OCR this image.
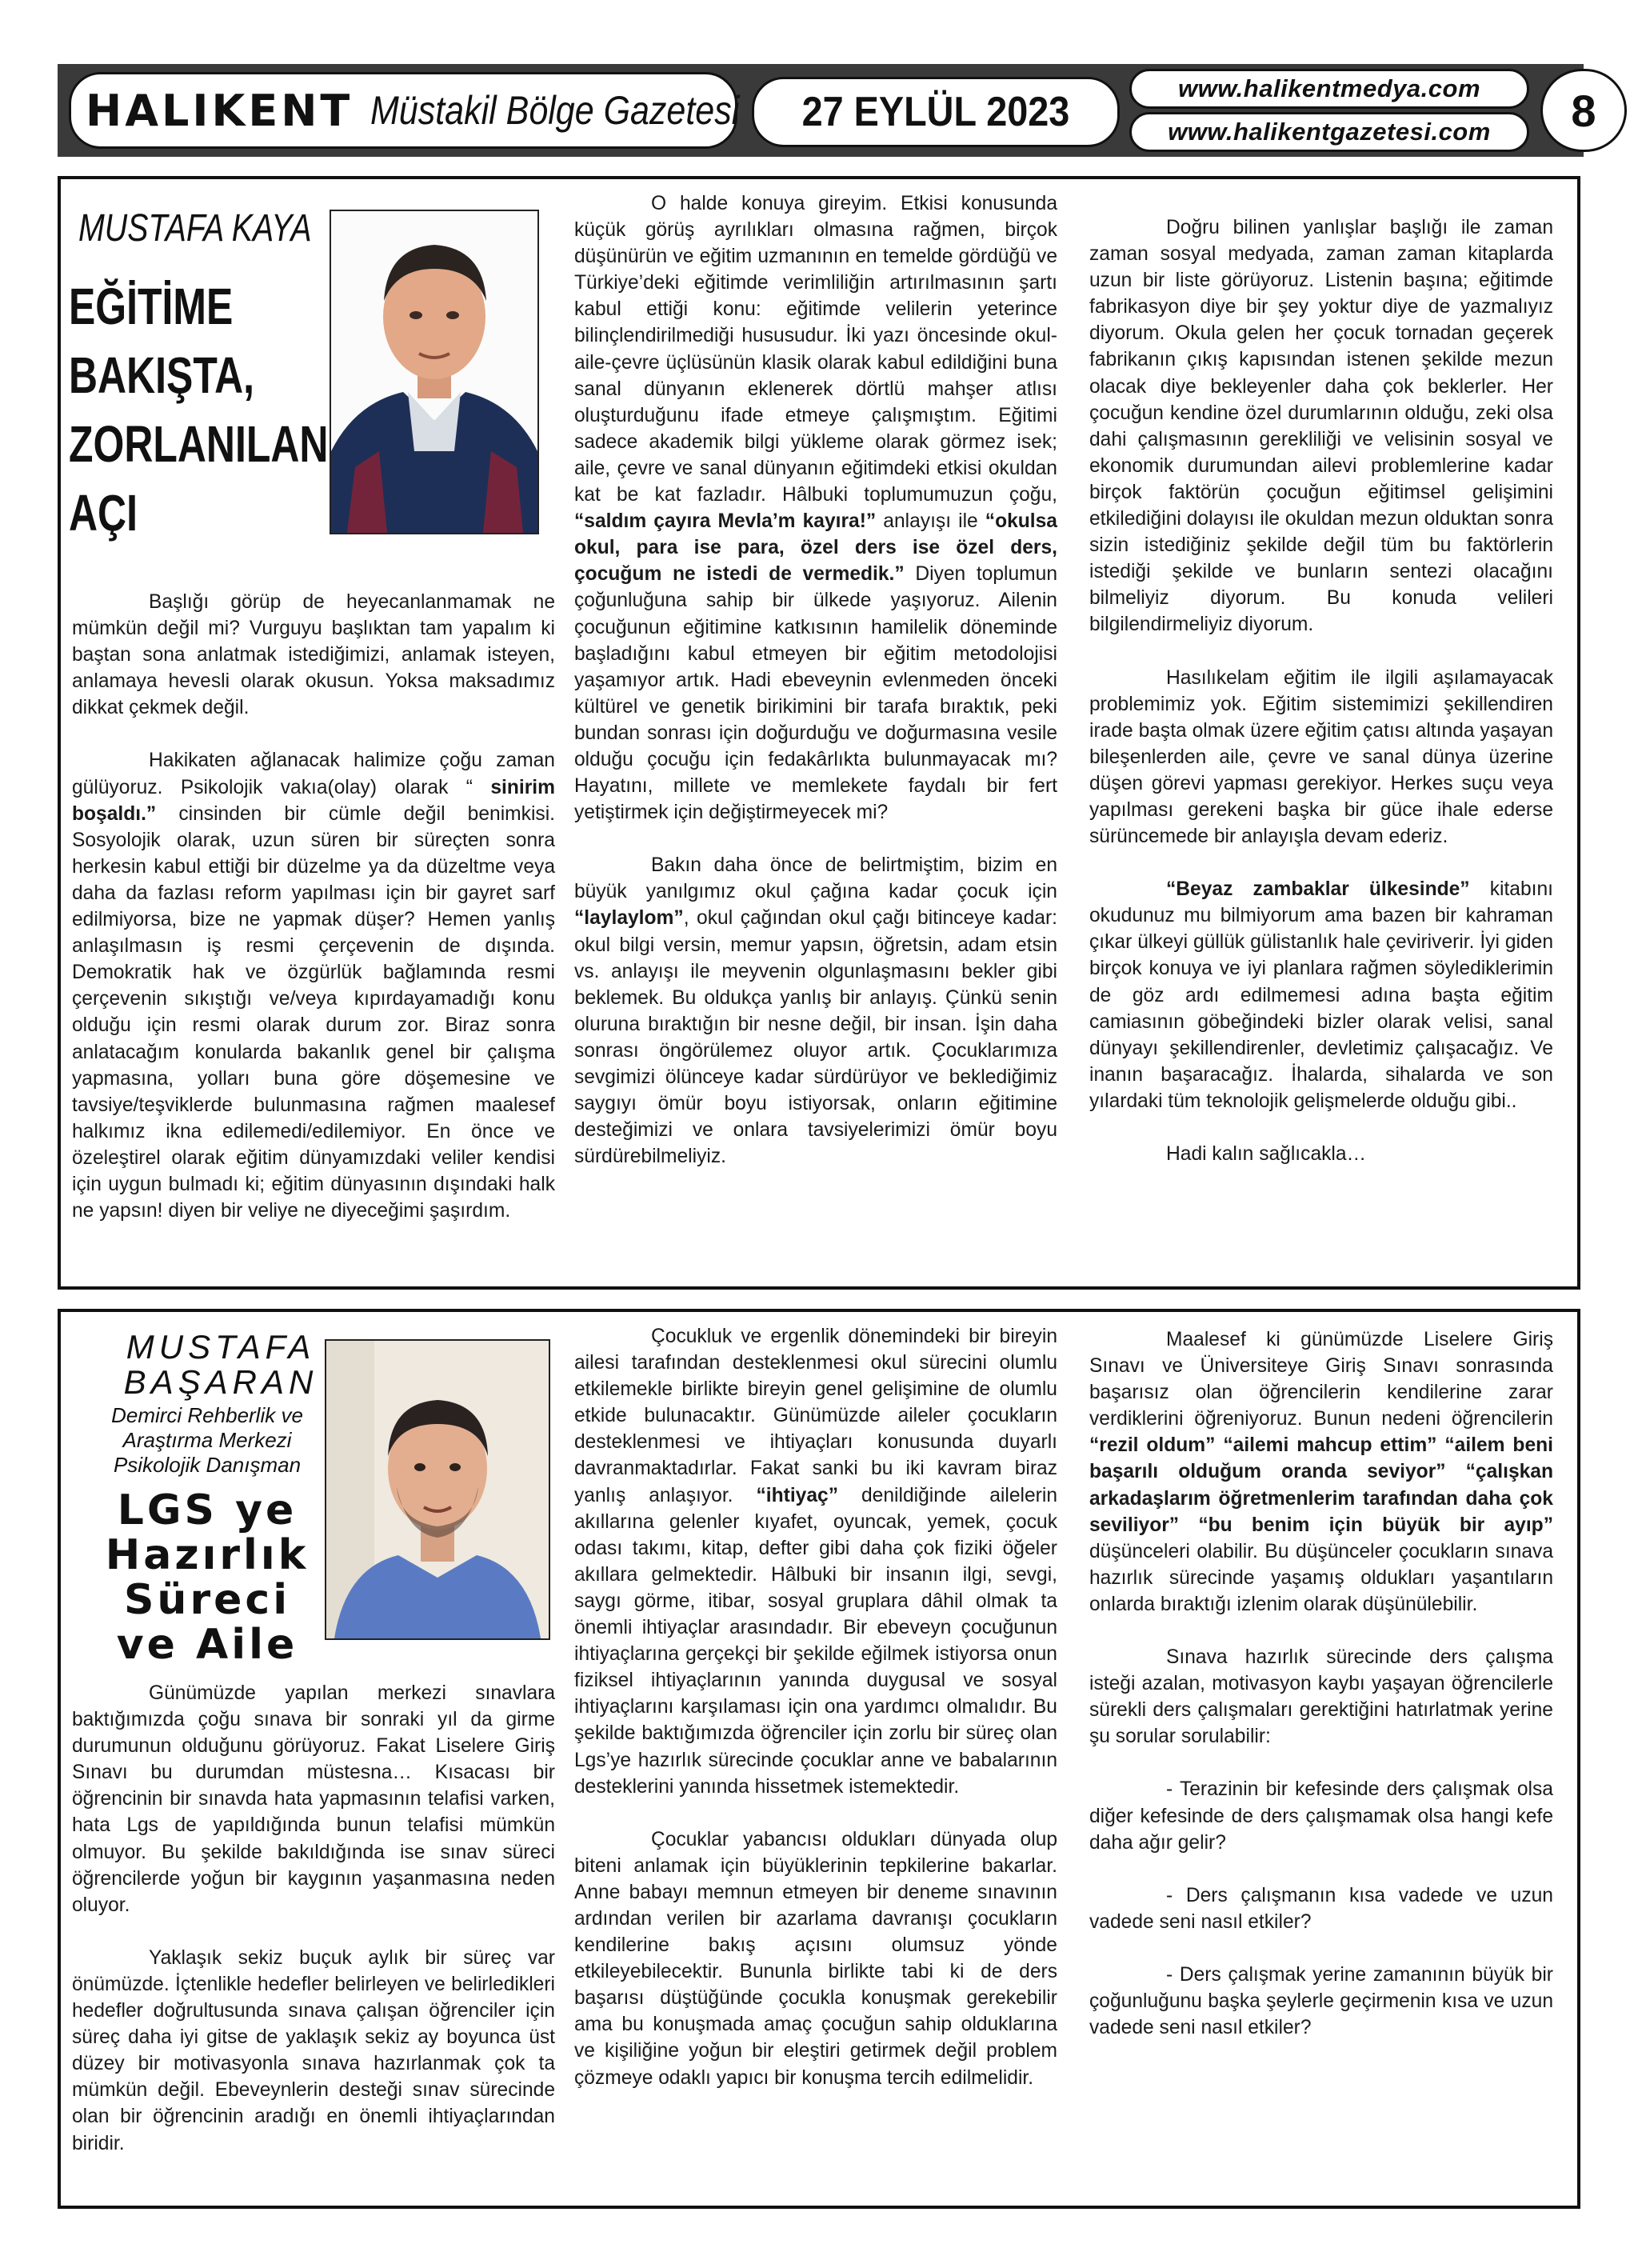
HALIKENT Müstakil Bölge Gazetesi 27 EYLÜL 2023
www.halikentmedya.com
www.halikentgazetesi.com 8
MUSTAFA KAYA
EĞİTİME
BAKIŞTA,
ZORLANILAN
AÇI

Başlığı görüp de heyecanlanmamak ne mümkün değil mi? Vurguyu başlıktan tam yapalım ki baştan sona anlatmak istediğimizi, anlamak isteyen, anlamaya hevesli olarak okusun. Yoksa maksadımız dikkat çekmek değil.

Hakikaten ağlanacak halimize çoğu zaman gülüyoruz. Psikolojik vakıa(olay) olarak “ sinirim boşaldı.” cinsinden bir cümle değil benimkisi. Sosyolojik olarak, uzun süren bir süreçten sonra herkesin kabul ettiği bir düzelme ya da düzeltme veya daha da fazlası reform yapılması için bir gayret sarf edilmiyorsa, bize ne yapmak düşer? Hemen yanlış anlaşılmasın iş resmi çerçevenin de dışında. Demokratik hak ve özgürlük bağlamında resmi çerçevenin sıkıştığı ve/veya kıpırdayamadığı konu olduğu için resmi olarak durum zor. Biraz sonra anlatacağım konularda bakanlık genel bir çalışma yapmasına, yolları buna göre döşemesine ve tavsiye/teşviklerde bulunmasına rağmen maalesef halkımız ikna edilemedi/edilemiyor. En önce ve özeleştirel olarak eğitim dünyamızdaki veliler kendisi için uygun bulmadı ki; eğitim dünyasının dışındaki halk ne yapsın! diyen bir veliye ne diyeceğimi şaşırdım.

O halde konuya gireyim. Etkisi konusunda küçük görüş ayrılıkları olmasına rağmen, birçok düşünürün ve eğitim uzmanının en temelde gördüğü ve Türkiye’deki eğitimde verimliliğin artırılmasının şartı kabul ettiği konu: eğitimde velilerin yeterince bilinçlendirilmediği hususudur. İki yazı öncesinde okul-aile-çevre üçlüsünün klasik olarak kabul edildiğini buna sanal dünyanın eklenerek dörtlü mahşer atlısı oluşturduğunu ifade etmeye çalışmıştım. Eğitimi sadece akademik bilgi yükleme olarak görmez isek; aile, çevre ve sanal dünyanın eğitimdeki etkisi okuldan kat be kat fazladır. Hâlbuki toplumumuzun çoğu, “saldım çayıra Mevla’m kayıra!” anlayışı ile “okulsa okul, para ise para, özel ders ise özel ders, çocuğum ne istedi de vermedik.” Diyen toplumun çoğunluğuna sahip bir ülkede yaşıyoruz. Ailenin çocuğunun eğitimine katkısının hamilelik döneminde başladığını kabul etmeyen bir eğitim metodolojisi yaşamıyor artık. Hadi ebeveynin evlenmeden önceki kültürel ve genetik birikimini bir tarafa bıraktık, peki bundan sonrası için doğurduğu ve doğurmasına vesile olduğu çocuğu için fedakârlıkta bulunmayacak mı? Hayatını, millete ve memlekete faydalı bir fert yetiştirmek için değiştirmeyecek mi?

Bakın daha önce de belirtmiştim, bizim en büyük yanılgımız okul çağına kadar çocuk için “laylaylom”, okul çağından okul çağı bitinceye kadar: okul bilgi versin, memur yapsın, öğretsin, adam etsin vs. anlayışı ile meyvenin olgunlaşmasını bekler gibi beklemek. Bu oldukça yanlış bir anlayış. Çünkü senin oluruna bıraktığın bir nesne değil, bir insan. İşin daha sonrası öngörülemez oluyor artık. Çocuklarımıza sevgimizi ölünceye kadar sürdürüyor ve beklediğimiz saygıyı ömür boyu istiyorsak, onların eğitimine desteğimizi ve onlara tavsiyelerimizi ömür boyu sürdürebilmeliyiz.

Doğru bilinen yanlışlar başlığı ile zaman zaman sosyal medyada, zaman zaman kitaplarda uzun bir liste görüyoruz. Listenin başına; eğitimde fabrikasyon diye bir şey yoktur diye de yazmalıyız diyorum. Okula gelen her çocuk tornadan geçerek fabrikanın çıkış kapısından istenen şekilde mezun olacak diye bekleyenler daha çok beklerler. Her çocuğun kendine özel durumlarının olduğu, zeki olsa dahi çalışmasının gerekliliği ve velisinin sosyal ve ekonomik durumundan ailevi problemlerine kadar birçok faktörün çocuğun eğitimsel gelişimini etkilediğini dolayısı ile okuldan mezun olduktan sonra sizin istediğiniz şekilde değil tüm bu faktörlerin istediği şekilde ve bunların sentezi olacağını bilmeliyiz diyorum. Bu konuda velileri bilgilendirmeliyiz diyorum.

Hasılıkelam eğitim ile ilgili aşılamayacak problemimiz yok. Eğitim sistemimizi şekillendiren irade başta olmak üzere eğitim çatısı altında yaşayan bileşenlerden aile, çevre ve sanal dünya üzerine düşen görevi yapması gerekiyor. Herkes suçu veya yapılması gerekeni başka bir güce ihale ederse sürüncemede bir anlayışla devam ederiz.

“Beyaz zambaklar ülkesinde” kitabını okudunuz mu bilmiyorum ama bazen bir kahraman çıkar ülkeyi güllük gülistanlık hale çeviriverir. İyi giden birçok konuya ve iyi planlara rağmen söylediklerimin de göz ardı edilmemesi adına başta eğitim camiasının göbeğindeki bizler olarak velisi, sanal dünyayı şekillendirenler, devletimiz çalışacağız. Ve inanın başaracağız. İhalarda, sihalarda ve son yılardaki tüm teknolojik gelişmelerde olduğu gibi..

Hadi kalın sağlıcakla…

MUSTAFA
BAŞARAN
Demirci Rehberlik ve
Araştırma Merkezi
Psikolojik Danışman
LGS ye
Hazırlık
Süreci
ve Aile

Günümüzde yapılan merkezi sınavlara baktığımızda çoğu sınava bir sonraki yıl da girme durumunun olduğunu görüyoruz. Fakat Liselere Giriş Sınavı bu durumdan müstesna… Kısacası bir öğrencinin bir sınavda hata yapmasının telafisi varken, hata Lgs de yapıldığında bunun telafisi mümkün olmuyor. Bu şekilde bakıldığında ise sınav süreci öğrencilerde yoğun bir kaygının yaşanmasına neden oluyor.

Yaklaşık sekiz buçuk aylık bir süreç var önümüzde. İçtenlikle hedefler belirleyen ve belirledikleri hedefler doğrultusunda sınava çalışan öğrenciler için süreç daha iyi gitse de yaklaşık sekiz ay boyunca üst düzey bir motivasyonla sınava hazırlanmak çok ta mümkün değil. Ebeveynlerin desteği sınav sürecinde olan bir öğrencinin aradığı en önemli ihtiyaçlarından biridir.

Çocukluk ve ergenlik dönemindeki bir bireyin ailesi tarafından desteklenmesi okul sürecini olumlu etkilemekle birlikte bireyin genel gelişimine de olumlu etkide bulunacaktır. Günümüzde aileler çocukların desteklenmesi ve ihtiyaçları konusunda duyarlı davranmaktadırlar. Fakat sanki bu iki kavram biraz yanlış anlaşıyor. “ihtiyaç” denildiğinde ailelerin akıllarına gelenler kıyafet, oyuncak, yemek, çocuk odası takımı, kitap, defter gibi daha çok fiziki öğeler akıllara gelmektedir. Hâlbuki bir insanın ilgi, sevgi, saygı görme, itibar, sosyal gruplara dâhil olmak ta önemli ihtiyaçlar arasındadır. Bir ebeveyn çocuğunun ihtiyaçlarına gerçekçi bir şekilde eğilmek istiyorsa onun fiziksel ihtiyaçlarının yanında duygusal ve sosyal ihtiyaçlarını karşılaması için ona yardımcı olmalıdır. Bu şekilde baktığımızda öğrenciler için zorlu bir süreç olan Lgs’ye hazırlık sürecinde çocuklar anne ve babalarının desteklerini yanında hissetmek istemektedir.

Çocuklar yabancısı oldukları dünyada olup biteni anlamak için büyüklerinin tepkilerine bakarlar. Anne babayı memnun etmeyen bir deneme sınavının ardından verilen bir azarlama davranışı çocukların kendilerine bakış açısını olumsuz yönde etkileyebilecektir. Bununla birlikte tabi ki de ders başarısı düştüğünde çocukla konuşmak gerekebilir ama bu konuşmada amaç çocuğun sahip olduklarına ve kişiliğine yoğun bir eleştiri getirmek değil problem çözmeye odaklı yapıcı bir konuşma tercih edilmelidir.

Maalesef ki günümüzde Liselere Giriş Sınavı ve Üniversiteye Giriş Sınavı sonrasında başarısız olan öğrencilerin kendilerine zarar verdiklerini öğreniyoruz. Bunun nedeni öğrencilerin “rezil oldum” “ailemi mahcup ettim” “ailem beni başarılı olduğum oranda seviyor” “çalışkan arkadaşlarım öğretmenlerim tarafından daha çok seviliyor” “bu benim için büyük bir ayıp” düşünceleri olabilir. Bu düşünceler çocukların sınava hazırlık sürecinde yaşamış oldukları yaşantıların onlarda bıraktığı izlenim olarak düşünülebilir.

Sınava hazırlık sürecinde ders çalışma isteği azalan, motivasyon kaybı yaşayan öğrencilerle sürekli ders çalışmaları gerektiğini hatırlatmak yerine şu sorular sorulabilir:

- Terazinin bir kefesinde ders çalışmak olsa diğer kefesinde de ders çalışmamak olsa hangi kefe daha ağır gelir?

- Ders çalışmanın kısa vadede ve uzun vadede seni nasıl etkiler?

- Ders çalışmak yerine zamanının büyük bir çoğunluğunu başka şeylerle geçirmenin kısa ve uzun vadede seni nasıl etkiler?
